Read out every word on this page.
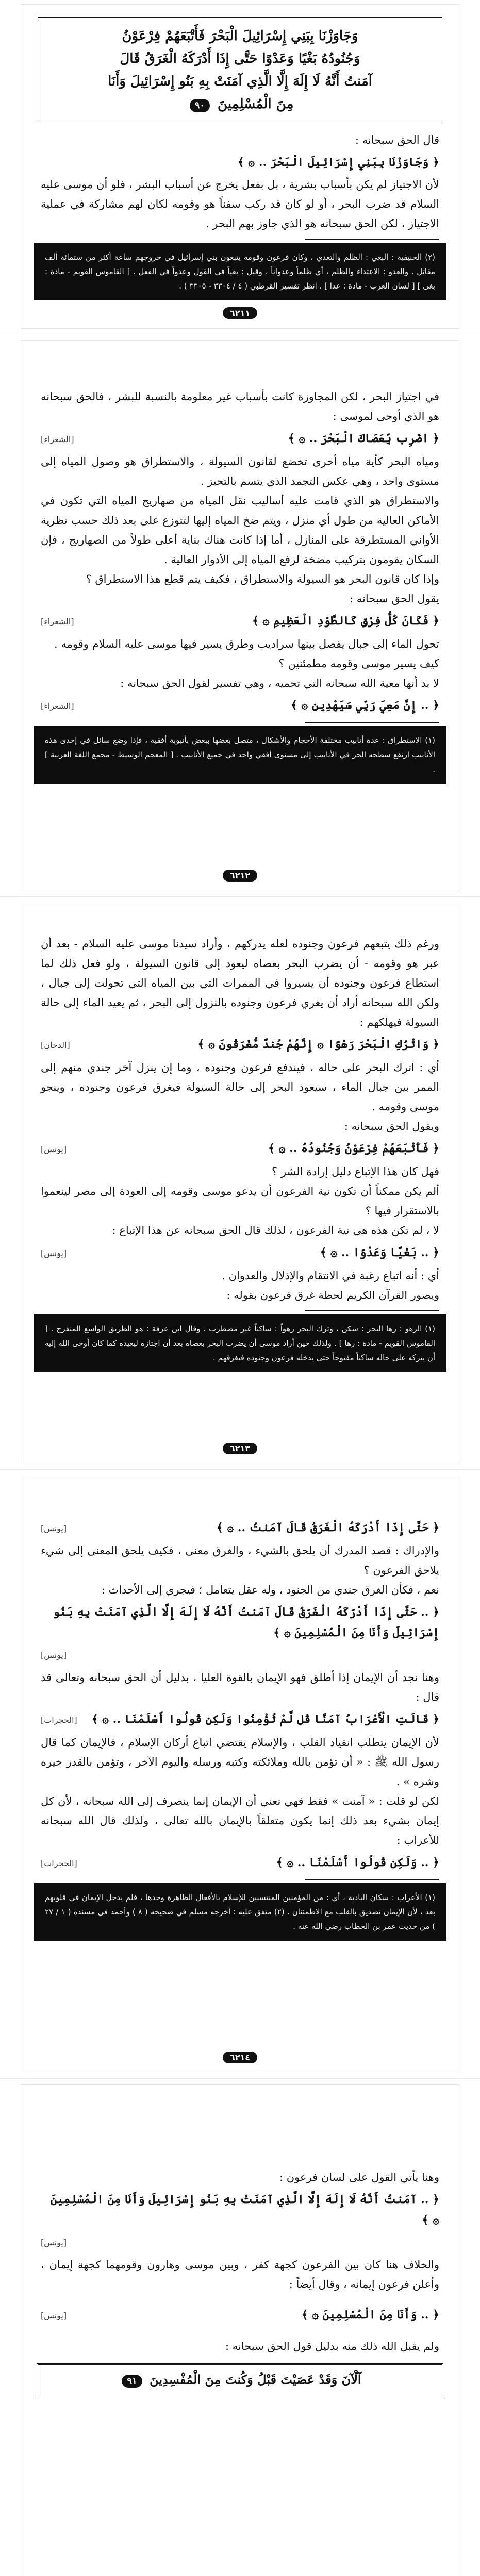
وَجَاوَزْنَا بِبَنِي إِسْرَائِيلَ الْبَحْرَ فَأَتْبَعَهُمْ فِرْعَوْنُ
وَجُنُودُهُ بَغْيًا وَعَدْوًا حَتَّى إِذَا أَدْرَكَهُ الْغَرَقُ قَالَ
آمَنتُ أَنَّهُ لَا إِلَهَ إِلَّا الَّذِي آمَنَتْ بِهِ بَنُو إِسْرَائِيلَ وَأَنَا
مِنَ الْمُسْلِمِينَ ٩٠

قال الحق سبحانه :

﴿ وَجَاوَزْنَا بِبَنِي إِسْرَائِيلَ الْبَحْرَ .. ۞ ﴾

لأن الاجتياز لم يكن بأسباب بشرية ، بل بفعل يخرج عن أسباب البشر ، فلو أن موسى عليه السلام قد ضرب البحر ، أو لو كان قد ركب سفناً هو وقومه لكان لهم مشاركة في عملية الاجتياز ، لكن الحق سبحانه هو الذي جاوز بهم البحر .

(٢) الحنيفية : البغي : الظلم والتعدي ، وكان فرعون وقومه يتبعون بني إسرائيل في خروجهم ساعة أكثر من ستمائة ألف مقاتل . والعدو : الاعتداء والظلم ، أي ظلماً وعدواناً ، وقيل : بغياً في القول وعدواً في الفعل . [ القاموس القويم - مادة : بغى ] [ لسان العرب - مادة : عدا ] . انظر تفسير القرطبي ( ٤ / ٣٣٠٤ - ٣٣٠٥ ) .
٦٢١١

في اجتياز البحر ، لكن المجاوزة كانت بأسباب غير معلومة بالنسبة للبشر ، فالحق سبحانه هو الذي أوحى لموسى :

﴿ اضْرِب بِّعَصَاكَ الْبَحْرَ .. ۞ ﴾
[الشعراء]

ومياه البحر كأية مياه أخرى تخضع لقانون السيولة ، والاستطراق هو وصول المياه إلى مستوى واحد ، وهي عكس التجمد الذي يتسم بالتحيز .

والاستطراق هو الذي قامت عليه أساليب نقل المياه من صهاريج المياه التي تكون في الأماكن العالية من طول أي منزل ، ويتم ضخ المياه إليها لتتوزع على بعد ذلك حسب نظرية الأواني المستطرقة على المنازل ، أما إذا كانت هناك بناية أعلى طولاً من الصهاريج ، فإن السكان يقومون بتركيب مضخة لرفع المياه إلى الأدوار العالية .

وإذا كان قانون البحر هو السيولة والاستطراق ، فكيف يتم قطع هذا الاستطراق ؟

يقول الحق سبحانه :

﴿ فَكَانَ كُلُّ فِرْقٍ كَالطَّوْدِ الْعَظِيمِ ۞ ﴾
[الشعراء]

تحول الماء إلى جبال يفصل بينها سراديب وطرق يسير فيها موسى عليه السلام وقومه .

كيف يسير موسى وقومه مطمئنين ؟

لا بد أنها معية الله سبحانه التي تحميه ، وهي تفسير لقول الحق سبحانه :

﴿ .. إِنَّ مَعِيَ رَبِّي سَيَهْدِينِ ۞ ﴾
[الشعراء]
(١) الاستطراق : عدة أنابيب مختلفة الأحجام والأشكال ، متصل بعضها ببعض بأنبوبة أفقية ، فإذا وضع سائل في إحدى هذه الأنابيب ارتفع سطحه الحر في الأنابيب إلى مستوى أفقي واحد في جميع الأنابيب . [ المعجم الوسيط - مجمع اللغة العربية ] .
٦٢١٢

ورغم ذلك يتبعهم فرعون وجنوده لعله يدركهم ، وأراد سيدنا موسى عليه السلام - بعد أن عبر هو وقومه - أن يضرب البحر بعصاه ليعود إلى قانون السيولة ، ولو فعل ذلك لما استطاع فرعون وجنوده أن يسيروا في الممرات التي بين المياه التي تحولت إلى جبال ، ولكن الله سبحانه أراد أن يغري فرعون وجنوده بالنزول إلى البحر ، ثم يعيد الماء إلى حالة السيولة فيهلكهم :

﴿ وَاتْرُكِ الْبَحْرَ رَهْوًا ۞ إِنَّهُمْ جُندٌ مُّغْرَقُونَ ۞ ﴾
[الدخان]

أي : اترك البحر على حاله ، فيندفع فرعون وجنوده ، وما إن ينزل آخر جندي منهم إلى الممر بين جبال الماء ، سيعود البحر إلى حالة السيولة فيغرق فرعون وجنوده ، وينجو موسى وقومه .

ويقول الحق سبحانه :

﴿ فَأَتْبَعَهُمْ فِرْعَوْنُ وَجُنُودُهُ .. ۞ ﴾
[يونس]

فهل كان هذا الإتباع دليل إرادة الشر ؟

ألم يكن ممكناً أن تكون نية الفرعون أن يدعو موسى وقومه إلى العودة إلى مصر لينعموا بالاستقرار فيها ؟

لا ، لم تكن هذه هي نية الفرعون ، لذلك قال الحق سبحانه عن هذا الإتباع :

﴿ .. بَغْيًا وَعَدْوًا .. ۞ ﴾
[يونس]

أي : أنه اتباع رغبة في الانتقام والإذلال والعدوان .

ويصور القرآن الكريم لحظة غرق فرعون بقوله :

(١) الرهو : رها البحر : سكن ، وترك البحر رهواً : ساكناً غير مضطرب ، وقال ابن عرفة : هو الطريق الواسع المنفرج . [ القاموس القويم - مادة : رها ] . ولذلك حين أراد موسى أن يضرب البحر بعصاه بعد أن اجتازه ليعيده كما كان أوحى الله إليه أن يتركه على حاله ساكناً مفتوحاً حتى يدخله فرعون وجنوده فيغرقهم .
٦٢١٣
﴿ حَتَّى إِذَا أَدْرَكَهُ الْغَرَقُ قَالَ آمَنتُ .. ۞ ﴾
[يونس]

والإدراك : قصد المدرك أن يلحق بالشيء ، والغرق معنى ، فكيف يلحق المعنى إلى شيء يلاحق الفرعون ؟

نعم ، فكأن الغرق جندي من الجنود ، وله عقل يتعامل ؛ فيجري إلى الأحداث :

﴿ .. حَتَّى إِذَا أَدْرَكَهُ الْغَرَقُ قَالَ آمَنتُ أَنَّهُ لَا إِلَهَ إِلَّا الَّذِي آمَنَتْ بِهِ بَنُو إِسْرَائِيلَ وَأَنَا مِنَ الْمُسْلِمِينَ ۞ ﴾
[يونس]

وهنا نجد أن الإيمان إذا أطلق فهو الإيمان بالقوة العليا ، بدليل أن الحق سبحانه وتعالى قد قال :

﴿ قَالَتِ الْأَعْرَابُ آمَنَّا قُل لَّمْ تُؤْمِنُوا وَلَكِن قُولُوا أَسْلَمْنَا .. ۞ ﴾
[الحجرات]

لأن الإيمان يتطلب انقياد القلب ، والإسلام يقتضي اتباع أركان الإسلام ، فالإيمان كما قال رسول الله ﷺ : « أن تؤمن بالله وملائكته وكتبه ورسله واليوم الآخر ، وتؤمن بالقدر خيره وشره » .

لكن لو قلت : « آمنت » فقط فهي تعني أن الإيمان إنما ينصرف إلى الله سبحانه ، لأن كل إيمان بشيء بعد ذلك إنما يكون متعلقاً بالإيمان بالله تعالى ، ولذلك قال الله سبحانه للأعراب :

﴿ .. وَلَكِن قُولُوا أَسْلَمْنَا .. ۞ ﴾
[الحجرات]
(١) الأعراب : سكان البادية ، أي : من المؤمنين المنتسبين للإسلام بالأفعال الظاهرة وحدها ، فلم يدخل الإيمان في قلوبهم بعد ، لأن الإيمان تصديق بالقلب مع الاطمئنان . (٢) متفق عليه : أخرجه مسلم في صحيحه ( ٨ ) وأحمد في مسنده ( ١ / ٢٧ ) من حديث عمر بن الخطاب رضي الله عنه .
٦٢١٤

وهنا يأتي القول على لسان فرعون :

﴿ .. آمَنتُ أَنَّهُ لَا إِلَهَ إِلَّا الَّذِي آمَنَتْ بِهِ بَنُو إِسْرَائِيلَ وَأَنَا مِنَ الْمُسْلِمِينَ ۞ ﴾
[يونس]

والخلاف هنا كان بين الفرعون كجهة كفر ، وبين موسى وهارون وقومهما كجهة إيمان ، وأعلن فرعون إيمانه ، وقال أيضاً :

﴿ .. وَأَنَا مِنَ الْمُسْلِمِينَ ۞ ﴾
[يونس]

ولم يقبل الله ذلك منه بدليل قول الحق سبحانه :

آلْآنَ وَقَدْ عَصَيْتَ قَبْلُ وَكُنتَ مِنَ الْمُفْسِدِينَ ٩١
